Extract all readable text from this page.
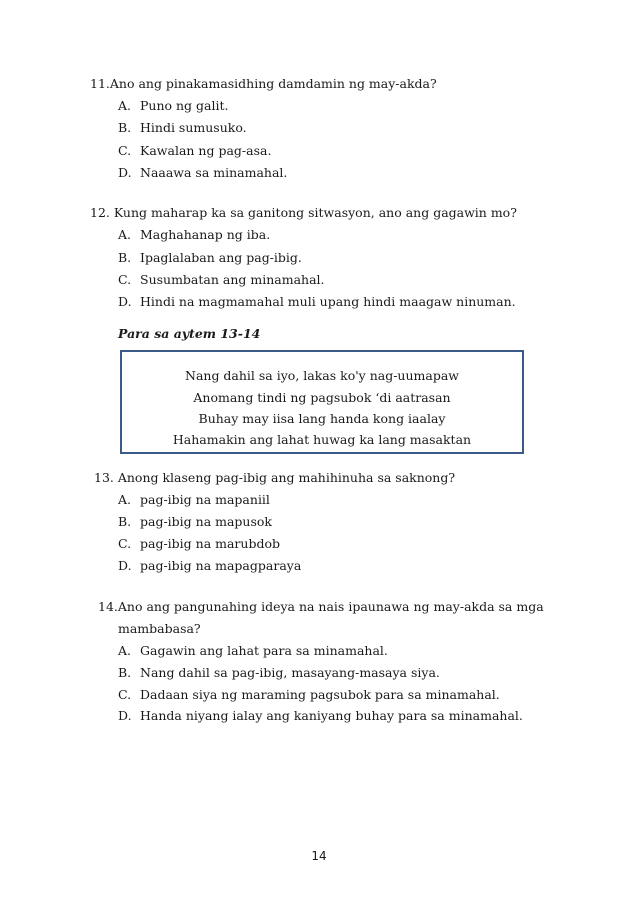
11.Ano ang pinakamasidhing damdamin ng may-akda?
A. Puno ng galit.
B. Hindi sumusuko.
C. Kawalan ng pag-asa.
D. Naaawa sa minamahal.
12. Kung maharap ka sa ganitong sitwasyon, ano ang gagawin mo?
A. Maghahanap ng iba.
B. Ipaglalaban ang pag-ibig.
C. Susumbatan ang minamahal.
D. Hindi na magmamahal muli upang hindi maagaw ninuman.
Para sa aytem 13-14
Nang dahil sa iyo, lakas ko'y nag-uumapaw
Anomang tindi ng pagsubok ‘di aatrasan
Buhay may iisa lang handa kong iaalay
Hahamakin ang lahat huwag ka lang masaktan
13. Anong klaseng pag-ibig ang mahihinuha sa saknong?
A. pag-ibig na mapaniil
B. pag-ibig na mapusok
C. pag-ibig na marubdob
D. pag-ibig na mapagparaya
14.Ano ang pangunahing ideya na nais ipaunawa ng may-akda sa mga
mambabasa?
A. Gagawin ang lahat para sa minamahal.
B. Nang dahil sa pag-ibig, masayang-masaya siya.
C. Dadaan siya ng maraming pagsubok para sa minamahal.
D. Handa niyang ialay ang kaniyang buhay para sa minamahal.
14
